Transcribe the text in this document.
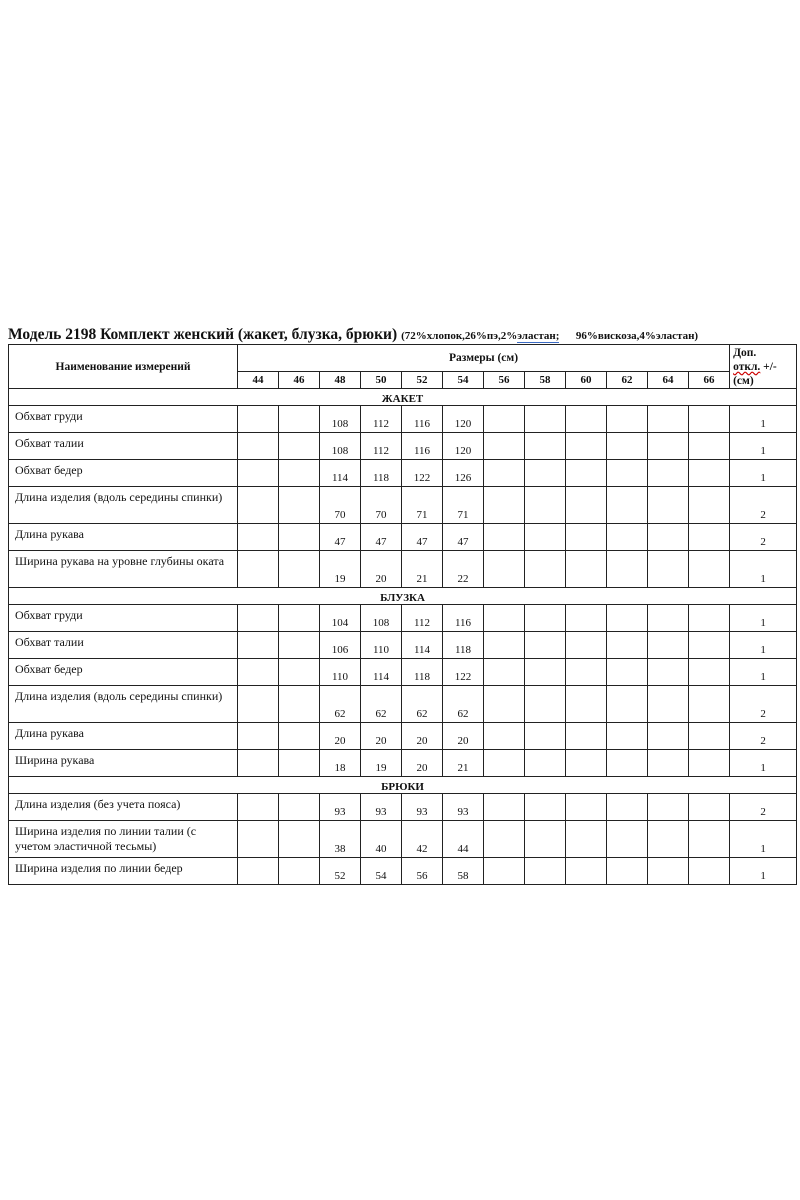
Модель 2198 Комплект женский (жакет, блузка, брюки) (72%хлопок,26%пэ,2%эластан; 96%вискоза,4%эластан)
Наименование измерений	Размеры (см)												Доп.
откл. +/-
(см)
	44	46	48	50	52	54	56	58	60	62	64	66	
ЖАКЕТ													
Обхват груди			108	112	116	120							1
Обхват талии			108	112	116	120							1
Обхват бедер			114	118	122	126							1
Длина изделия (вдоль середины спинки)			70	70	71	71							2
Длина рукава			47	47	47	47							2
Ширина рукава на уровне глубины оката			19	20	21	22							1
БЛУЗКА													
Обхват груди			104	108	112	116							1
Обхват талии			106	110	114	118							1
Обхват бедер			110	114	118	122							1
Длина изделия (вдоль середины спинки)			62	62	62	62							2
Длина рукава			20	20	20	20							2
Ширина рукава			18	19	20	21							1
БРЮКИ													
Длина изделия (без учета пояса)			93	93	93	93							2
Ширина изделия по линии талии (с учетом эластичной тесьмы)			38	40	42	44							1
Ширина изделия по линии бедер			52	54	56	58							1
